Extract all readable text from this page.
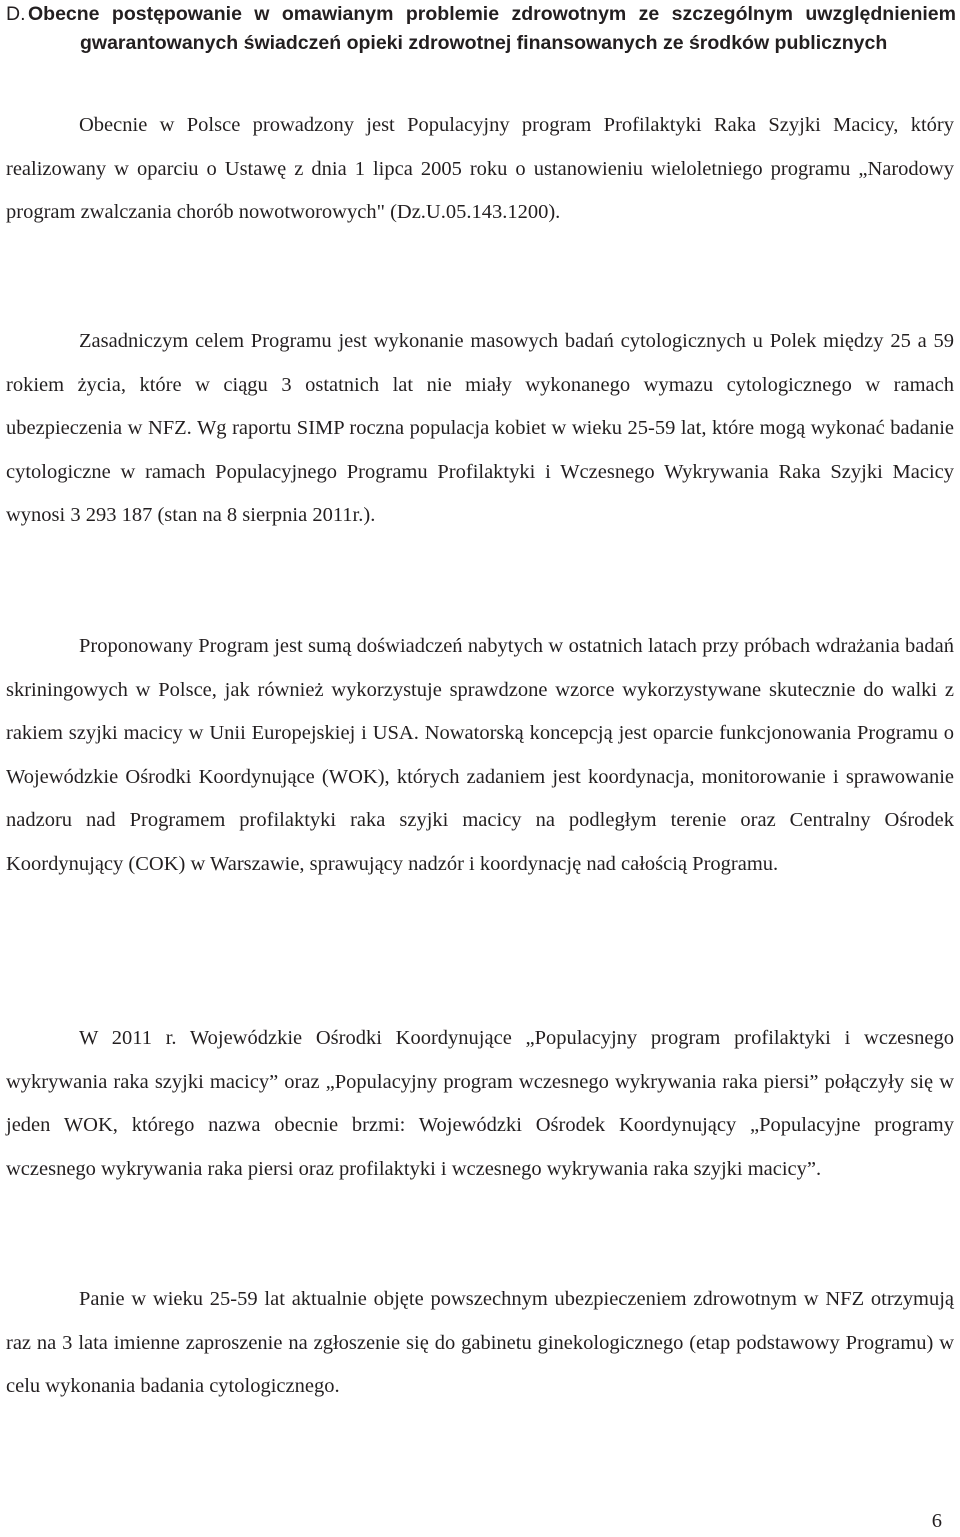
D. Obecne postępowanie w omawianym problemie zdrowotnym ze szczególnym uwzględnieniem gwarantowanych świadczeń opieki zdrowotnej finansowanych ze środków publicznych

Obecnie w Polsce prowadzony jest Populacyjny program Profilaktyki Raka Szyjki Macicy, który realizowany w oparciu o Ustawę z dnia 1 lipca 2005 roku o ustanowieniu wieloletniego programu „Narodowy program zwalczania chorób nowotworowych" (Dz.U.05.143.1200).

Zasadniczym celem Programu jest wykonanie masowych badań cytologicznych u Polek między 25 a 59 rokiem życia, które w ciągu 3 ostatnich lat nie miały wykonanego wymazu cytologicznego w ramach ubezpieczenia w NFZ. Wg raportu SIMP roczna populacja kobiet w wieku 25-59 lat, które mogą wykonać badanie cytologiczne w ramach Populacyjnego Programu Profilaktyki i Wczesnego Wykrywania Raka Szyjki Macicy wynosi 3 293 187 (stan na 8 sierpnia 2011r.).

Proponowany Program jest sumą doświadczeń nabytych w ostatnich latach przy próbach wdrażania badań skriningowych w Polsce, jak również wykorzystuje sprawdzone wzorce wykorzystywane skutecznie do walki z rakiem szyjki macicy w Unii Europejskiej i USA. Nowatorską koncepcją jest oparcie funkcjonowania Programu o Wojewódzkie Ośrodki Koordynujące (WOK), których zadaniem jest koordynacja, monitorowanie i sprawowanie nadzoru nad Programem profilaktyki raka szyjki macicy na podległym terenie oraz Centralny Ośrodek Koordynujący (COK) w Warszawie, sprawujący nadzór i koordynację nad całością Programu.

W 2011 r. Wojewódzkie Ośrodki Koordynujące „Populacyjny program profilaktyki i wczesnego wykrywania raka szyjki macicy” oraz „Populacyjny program wczesnego wykrywania raka piersi” połączyły się w jeden WOK, którego nazwa obecnie brzmi: Wojewódzki Ośrodek Koordynujący „Populacyjne programy wczesnego wykrywania raka piersi oraz profilaktyki i wczesnego wykrywania raka szyjki macicy”.

Panie w wieku 25-59 lat aktualnie objęte powszechnym ubezpieczeniem zdrowotnym w NFZ otrzymują raz na 3 lata imienne zaproszenie na zgłoszenie się do gabinetu ginekologicznego (etap podstawowy Programu) w celu wykonania badania cytologicznego.

6
